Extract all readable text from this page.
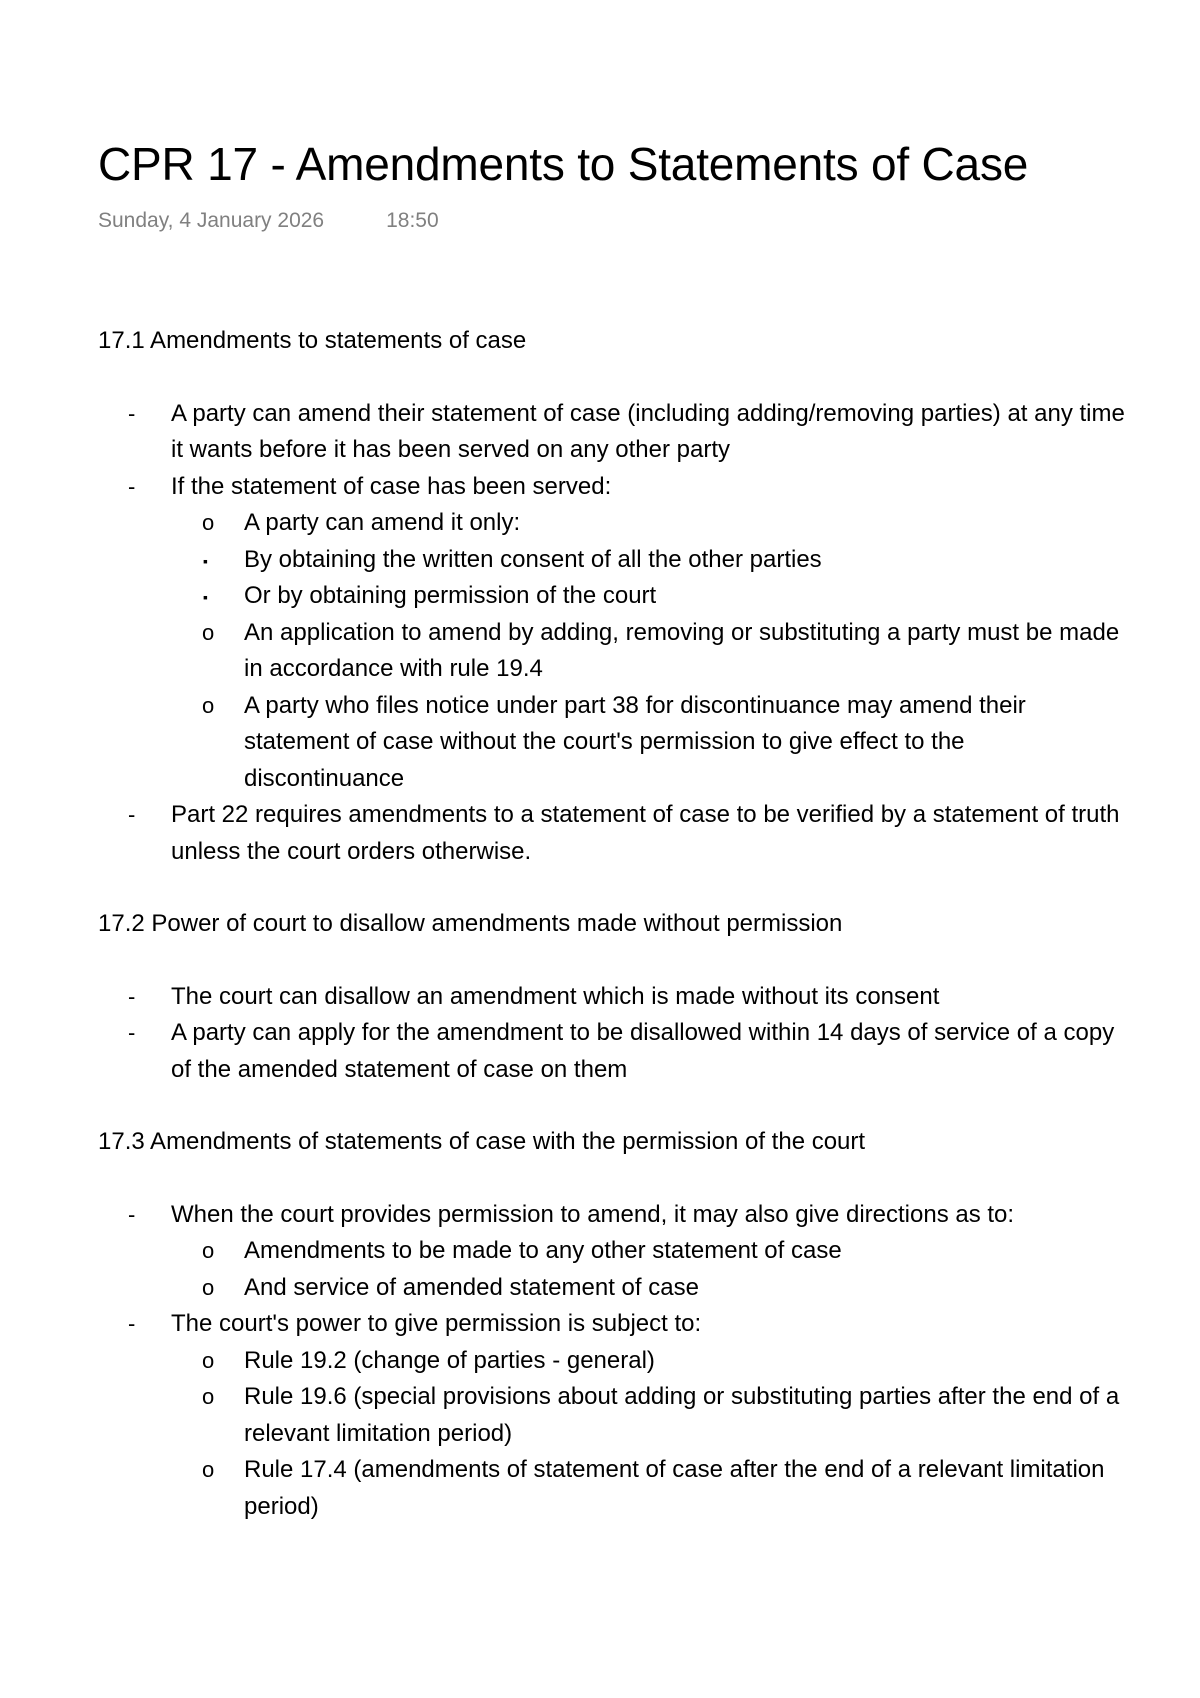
CPR 17 - Amendments to Statements of Case
Sunday, 4 January 2026	18:50
17.1 Amendments to statements of case
- A party can amend their statement of case (including adding/removing parties) at any time it wants before it has been served on any other party
- If the statement of case has been served:
o A party can amend it only:
▪ By obtaining the written consent of all the other parties
▪ Or by obtaining permission of the court
o An application to amend by adding, removing or substituting a party must be made in accordance with rule 19.4
o A party who files notice under part 38 for discontinuance may amend their statement of case without the court's permission to give effect to the discontinuance
- Part 22 requires amendments to a statement of case to be verified by a statement of truth unless the court orders otherwise.
17.2 Power of court to disallow amendments made without permission
- The court can disallow an amendment which is made without its consent
- A party can apply for the amendment to be disallowed within 14 days of service of a copy of the amended statement of case on them
17.3 Amendments of statements of case with the permission of the court
- When the court provides permission to amend, it may also give directions as to:
o Amendments to be made to any other statement of case
o And service of amended statement of case
- The court's power to give permission is subject to:
o Rule 19.2 (change of parties - general)
o Rule 19.6 (special provisions about adding or substituting parties after the end of a relevant limitation period)
o Rule 17.4 (amendments of statement of case after the end of a relevant limitation period)
